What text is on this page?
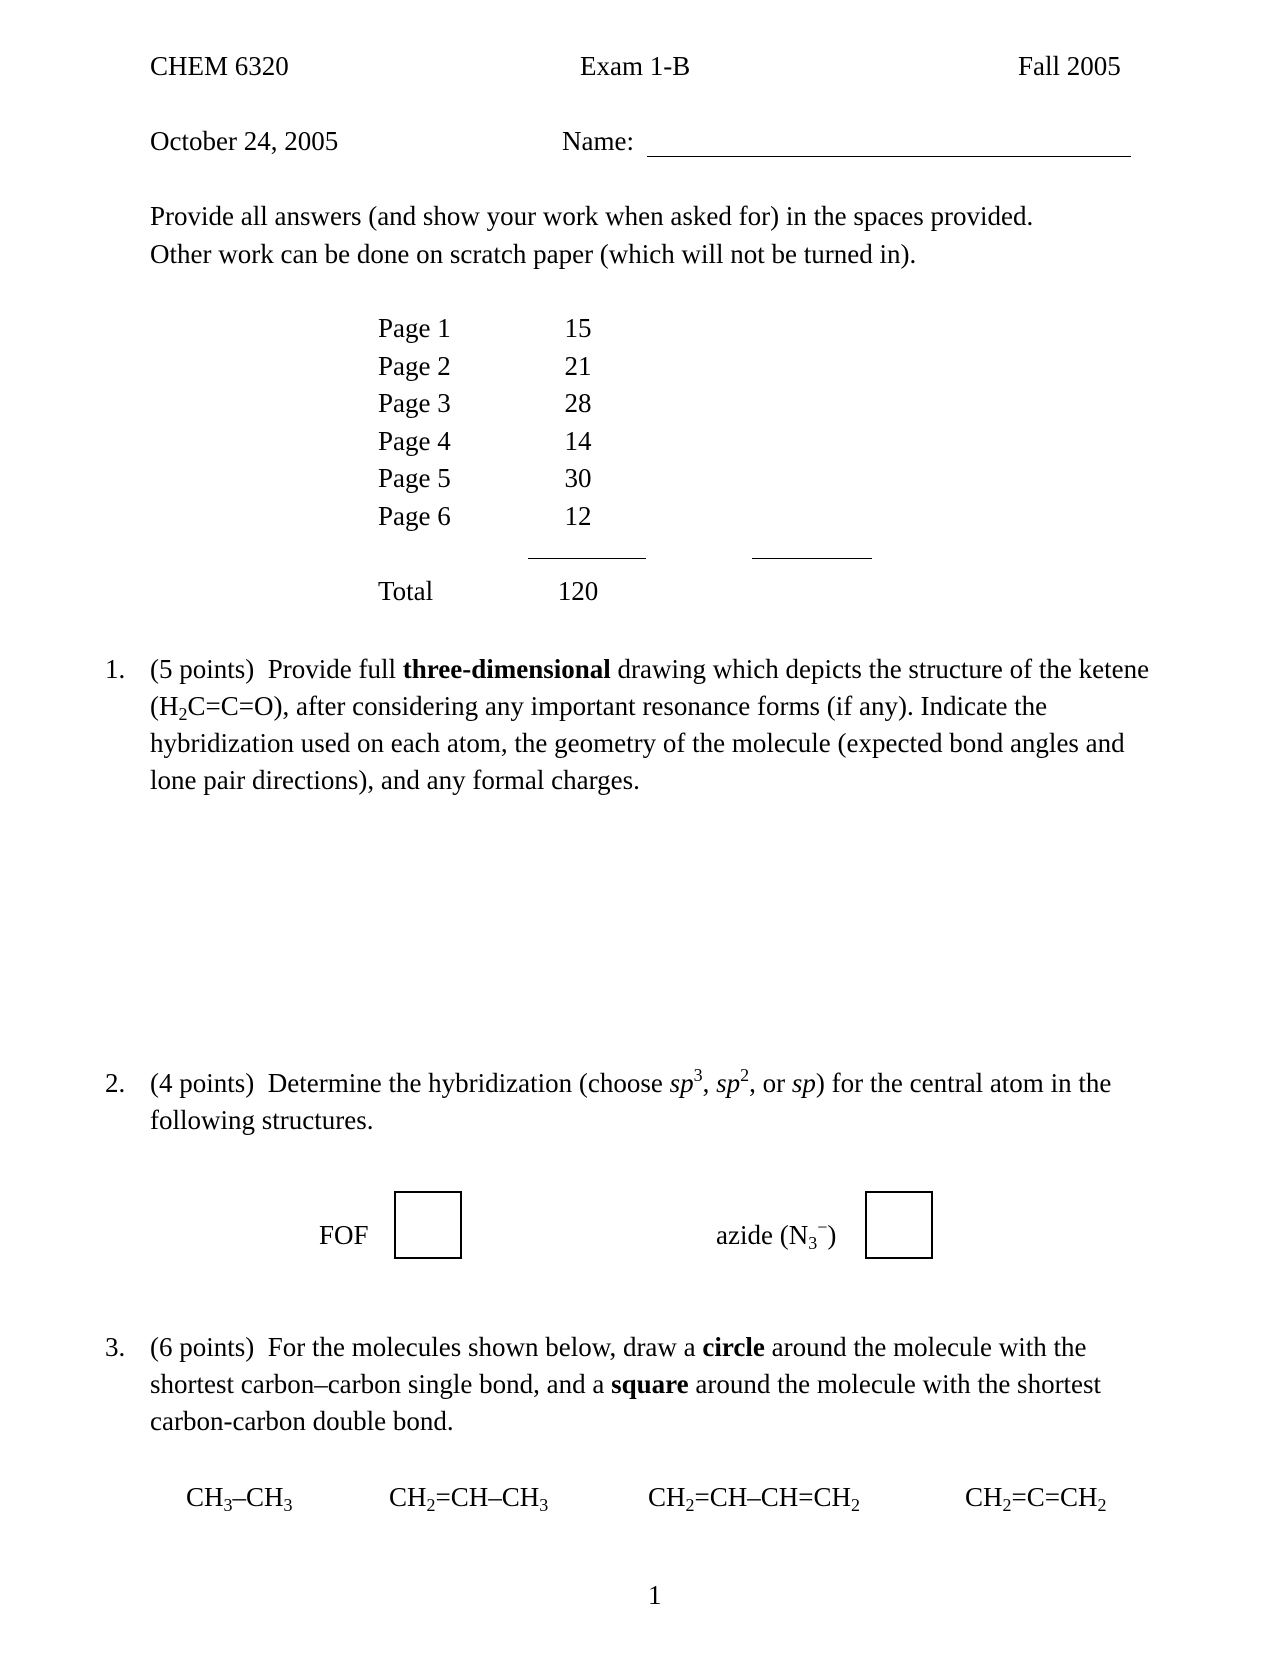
CHEM 6320	Exam 1-B	Fall 2005
October 24, 2005	Name:
Provide all answers (and show your work when asked for) in the spaces provided.
Other work can be done on scratch paper (which will not be turned in).
Page 1	15
Page 2	21
Page 3	28
Page 4	14
Page 5	30
Page 6	12
Total	120
1. (5 points) Provide full three-dimensional drawing which depicts the structure of the ketene $(H_2C=C=O)$, after considering any important resonance forms (if any). Indicate the hybridization used on each atom, the geometry of the molecule (expected bond angles and lone pair directions), and any formal charges.
2. (4 points) Determine the hybridization (choose $sp^3$, $sp^2$, or sp) for the central atom in the following structures.
FOF	azide $(N_3^-)$
3. (6 points) For the molecules shown below, draw a circle around the molecule with the shortest carbon–carbon single bond, and a square around the molecule with the shortest carbon-carbon double bond.
$CH_3-CH_3$	$CH_2=CH-CH_3$	$CH_2=CH-CH=CH_2$	$CH_2=C=CH_2$
1
